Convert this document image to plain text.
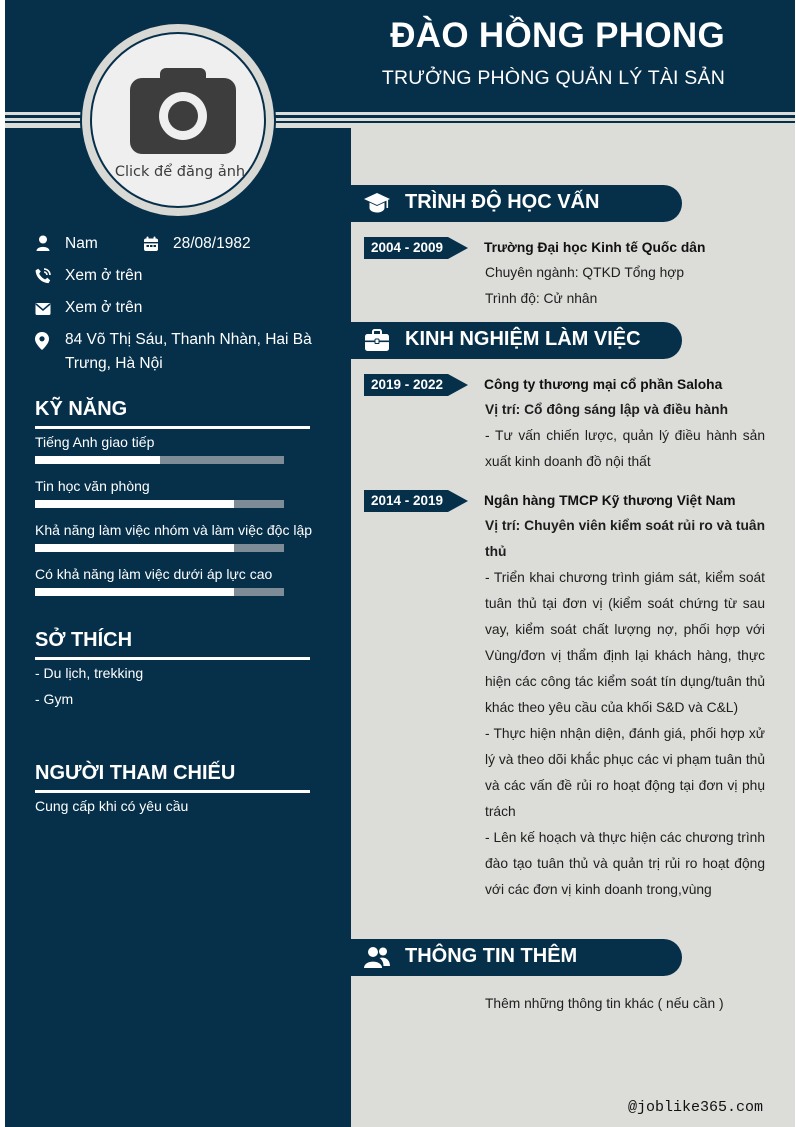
ĐÀO HỒNG PHONG
TRƯỞNG PHÒNG QUẢN LÝ TÀI SẢN
Click để đăng ảnh
Nam	28/08/1982
Xem ở trên
Xem ở trên
84 Võ Thị Sáu, Thanh Nhàn, Hai Bà Trưng, Hà Nội
KỸ NĂNG
Tiếng Anh giao tiếp
Tin học văn phòng
Khả năng làm việc nhóm và làm việc độc lập
Có khả năng làm việc dưới áp lực cao
SỞ THÍCH
- Du lịch, trekking
- Gym
NGƯỜI THAM CHIẾU
Cung cấp khi có yêu cầu
TRÌNH ĐỘ HỌC VẤN
2004 - 2009	Trường Đại học Kinh tế Quốc dân
Chuyên ngành: QTKD Tổng hợp
Trình độ: Cử nhân
KINH NGHIỆM LÀM VIỆC
2019 - 2022	Công ty thương mại cổ phần Saloha
Vị trí: Cổ đông sáng lập và điều hành
- Tư vấn chiến lược, quản lý điều hành sản xuất kinh doanh đồ nội thất
2014 - 2019	Ngân hàng TMCP Kỹ thương Việt Nam
Vị trí: Chuyên viên kiểm soát rủi ro và tuân thủ
- Triển khai chương trình giám sát, kiểm soát tuân thủ tại đơn vị (kiểm soát chứng từ sau vay, kiểm soát chất lượng nợ, phối hợp với Vùng/đơn vị thẩm định lại khách hàng, thực hiện các công tác kiểm soát tín dụng/tuân thủ khác theo yêu cầu của khối S&D và C&L)
- Thực hiện nhận diện, đánh giá, phối hợp xử lý và theo dõi khắc phục các vi phạm tuân thủ và các vấn đề rủi ro hoạt động tại đơn vị phụ trách
- Lên kế hoạch và thực hiện các chương trình đào tạo tuân thủ và quản trị rủi ro hoạt động với các đơn vị kinh doanh trong,vùng
THÔNG TIN THÊM
Thêm những thông tin khác ( nếu cần )
@joblike365.com
